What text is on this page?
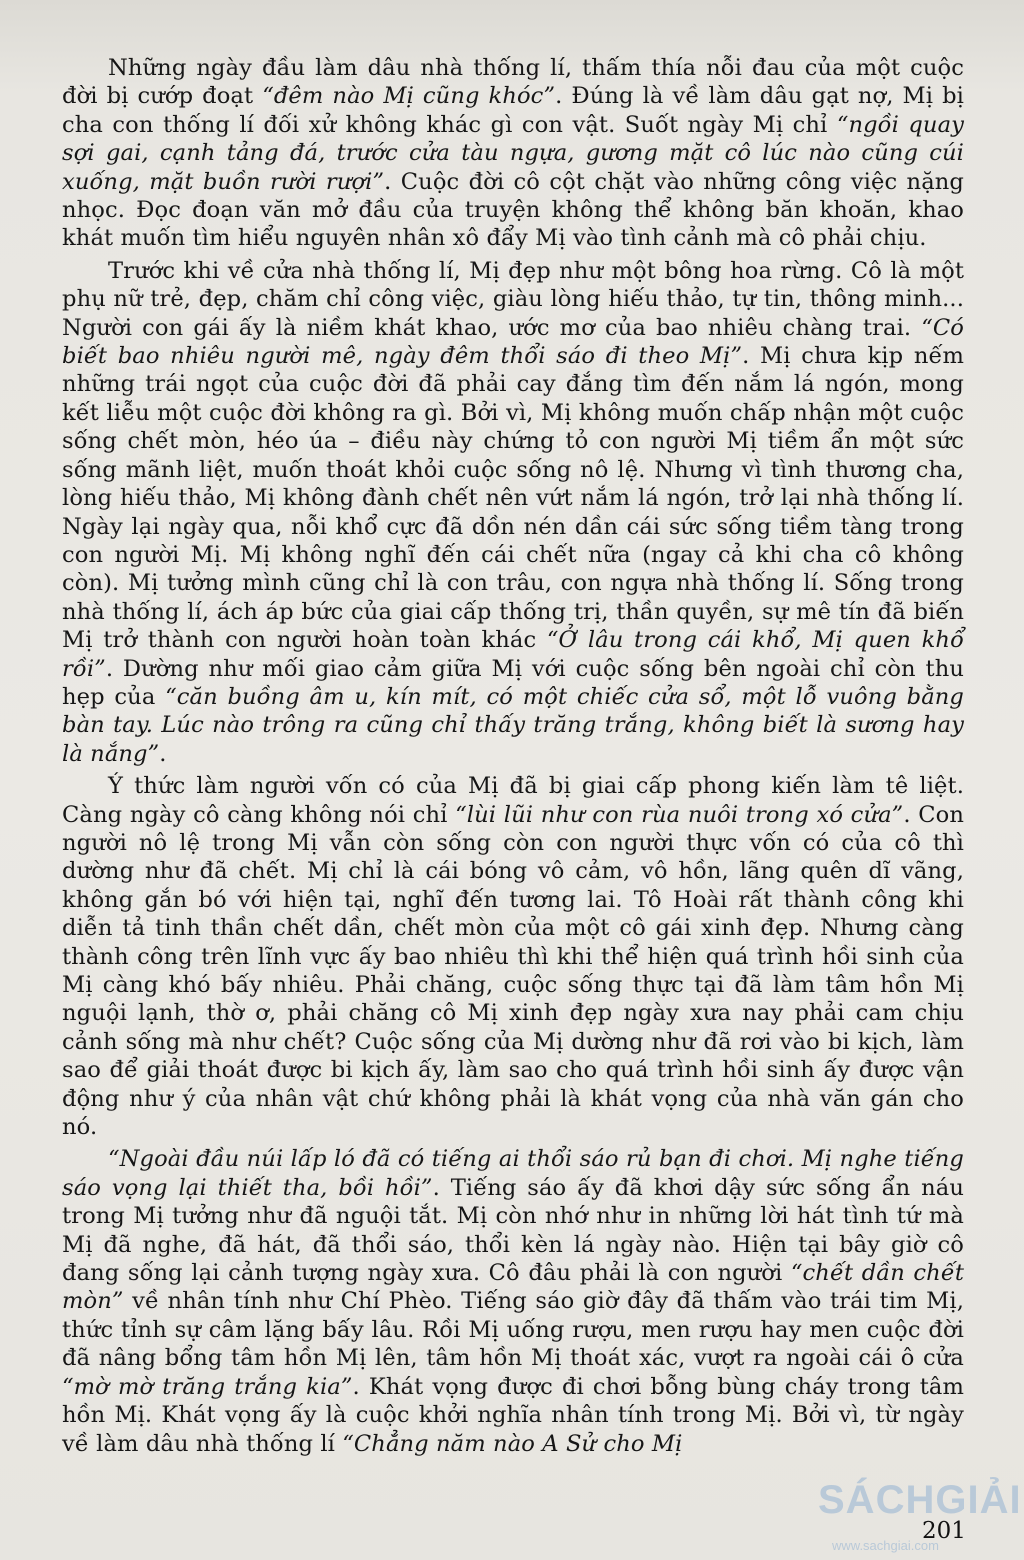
Những ngày đầu làm dâu nhà thống lí, thấm thía nỗi đau của một cuộc đời bị cướp đoạt “đêm nào Mị cũng khóc”. Đúng là về làm dâu gạt nợ, Mị bị cha con thống lí đối xử không khác gì con vật. Suốt ngày Mị chỉ “ngồi quay sợi gai, cạnh tảng đá, trước cửa tàu ngựa, gương mặt cô lúc nào cũng cúi xuống, mặt buồn rười rượi”. Cuộc đời cô cột chặt vào những công việc nặng nhọc. Đọc đoạn văn mở đầu của truyện không thể không băn khoăn, khao khát muốn tìm hiểu nguyên nhân xô đẩy Mị vào tình cảnh mà cô phải chịu.

Trước khi về cửa nhà thống lí, Mị đẹp như một bông hoa rừng. Cô là một phụ nữ trẻ, đẹp, chăm chỉ công việc, giàu lòng hiếu thảo, tự tin, thông minh... Người con gái ấy là niềm khát khao, ước mơ của bao nhiêu chàng trai. “Có biết bao nhiêu người mê, ngày đêm thổi sáo đi theo Mị”. Mị chưa kịp nếm những trái ngọt của cuộc đời đã phải cay đắng tìm đến nắm lá ngón, mong kết liễu một cuộc đời không ra gì. Bởi vì, Mị không muốn chấp nhận một cuộc sống chết mòn, héo úa – điều này chứng tỏ con người Mị tiềm ẩn một sức sống mãnh liệt, muốn thoát khỏi cuộc sống nô lệ. Nhưng vì tình thương cha, lòng hiếu thảo, Mị không đành chết nên vứt nắm lá ngón, trở lại nhà thống lí. Ngày lại ngày qua, nỗi khổ cực đã dồn nén dần cái sức sống tiềm tàng trong con người Mị. Mị không nghĩ đến cái chết nữa (ngay cả khi cha cô không còn). Mị tưởng mình cũng chỉ là con trâu, con ngựa nhà thống lí. Sống trong nhà thống lí, ách áp bức của giai cấp thống trị, thần quyền, sự mê tín đã biến Mị trở thành con người hoàn toàn khác “Ở lâu trong cái khổ, Mị quen khổ rồi”. Dường như mối giao cảm giữa Mị với cuộc sống bên ngoài chỉ còn thu hẹp của “căn buồng âm u, kín mít, có một chiếc cửa sổ, một lỗ vuông bằng bàn tay. Lúc nào trông ra cũng chỉ thấy trăng trắng, không biết là sương hay là nắng”.

Ý thức làm người vốn có của Mị đã bị giai cấp phong kiến làm tê liệt. Càng ngày cô càng không nói chỉ “lùi lũi như con rùa nuôi trong xó cửa”. Con người nô lệ trong Mị vẫn còn sống còn con người thực vốn có của cô thì dường như đã chết. Mị chỉ là cái bóng vô cảm, vô hồn, lãng quên dĩ vãng, không gắn bó với hiện tại, nghĩ đến tương lai. Tô Hoài rất thành công khi diễn tả tinh thần chết dần, chết mòn của một cô gái xinh đẹp. Nhưng càng thành công trên lĩnh vực ấy bao nhiêu thì khi thể hiện quá trình hồi sinh của Mị càng khó bấy nhiêu. Phải chăng, cuộc sống thực tại đã làm tâm hồn Mị nguội lạnh, thờ ơ, phải chăng cô Mị xinh đẹp ngày xưa nay phải cam chịu cảnh sống mà như chết? Cuộc sống của Mị dường như đã rơi vào bi kịch, làm sao để giải thoát được bi kịch ấy, làm sao cho quá trình hồi sinh ấy được vận động như ý của nhân vật chứ không phải là khát vọng của nhà văn gán cho nó.

“Ngoài đầu núi lấp ló đã có tiếng ai thổi sáo rủ bạn đi chơi. Mị nghe tiếng sáo vọng lại thiết tha, bồi hồi”. Tiếng sáo ấy đã khơi dậy sức sống ẩn náu trong Mị tưởng như đã nguội tắt. Mị còn nhớ như in những lời hát tình tứ mà Mị đã nghe, đã hát, đã thổi sáo, thổi kèn lá ngày nào. Hiện tại bây giờ cô đang sống lại cảnh tượng ngày xưa. Cô đâu phải là con người “chết dần chết mòn” về nhân tính như Chí Phèo. Tiếng sáo giờ đây đã thấm vào trái tim Mị, thức tỉnh sự câm lặng bấy lâu. Rồi Mị uống rượu, men rượu hay men cuộc đời đã nâng bổng tâm hồn Mị lên, tâm hồn Mị thoát xác, vượt ra ngoài cái ô cửa “mờ mờ trăng trắng kia”. Khát vọng được đi chơi bỗng bùng cháy trong tâm hồn Mị. Khát vọng ấy là cuộc khởi nghĩa nhân tính trong Mị. Bởi vì, từ ngày về làm dâu nhà thống lí “Chẳng năm nào A Sử cho Mị

201
SÁCHGIẢI
www.sachgiai.com
